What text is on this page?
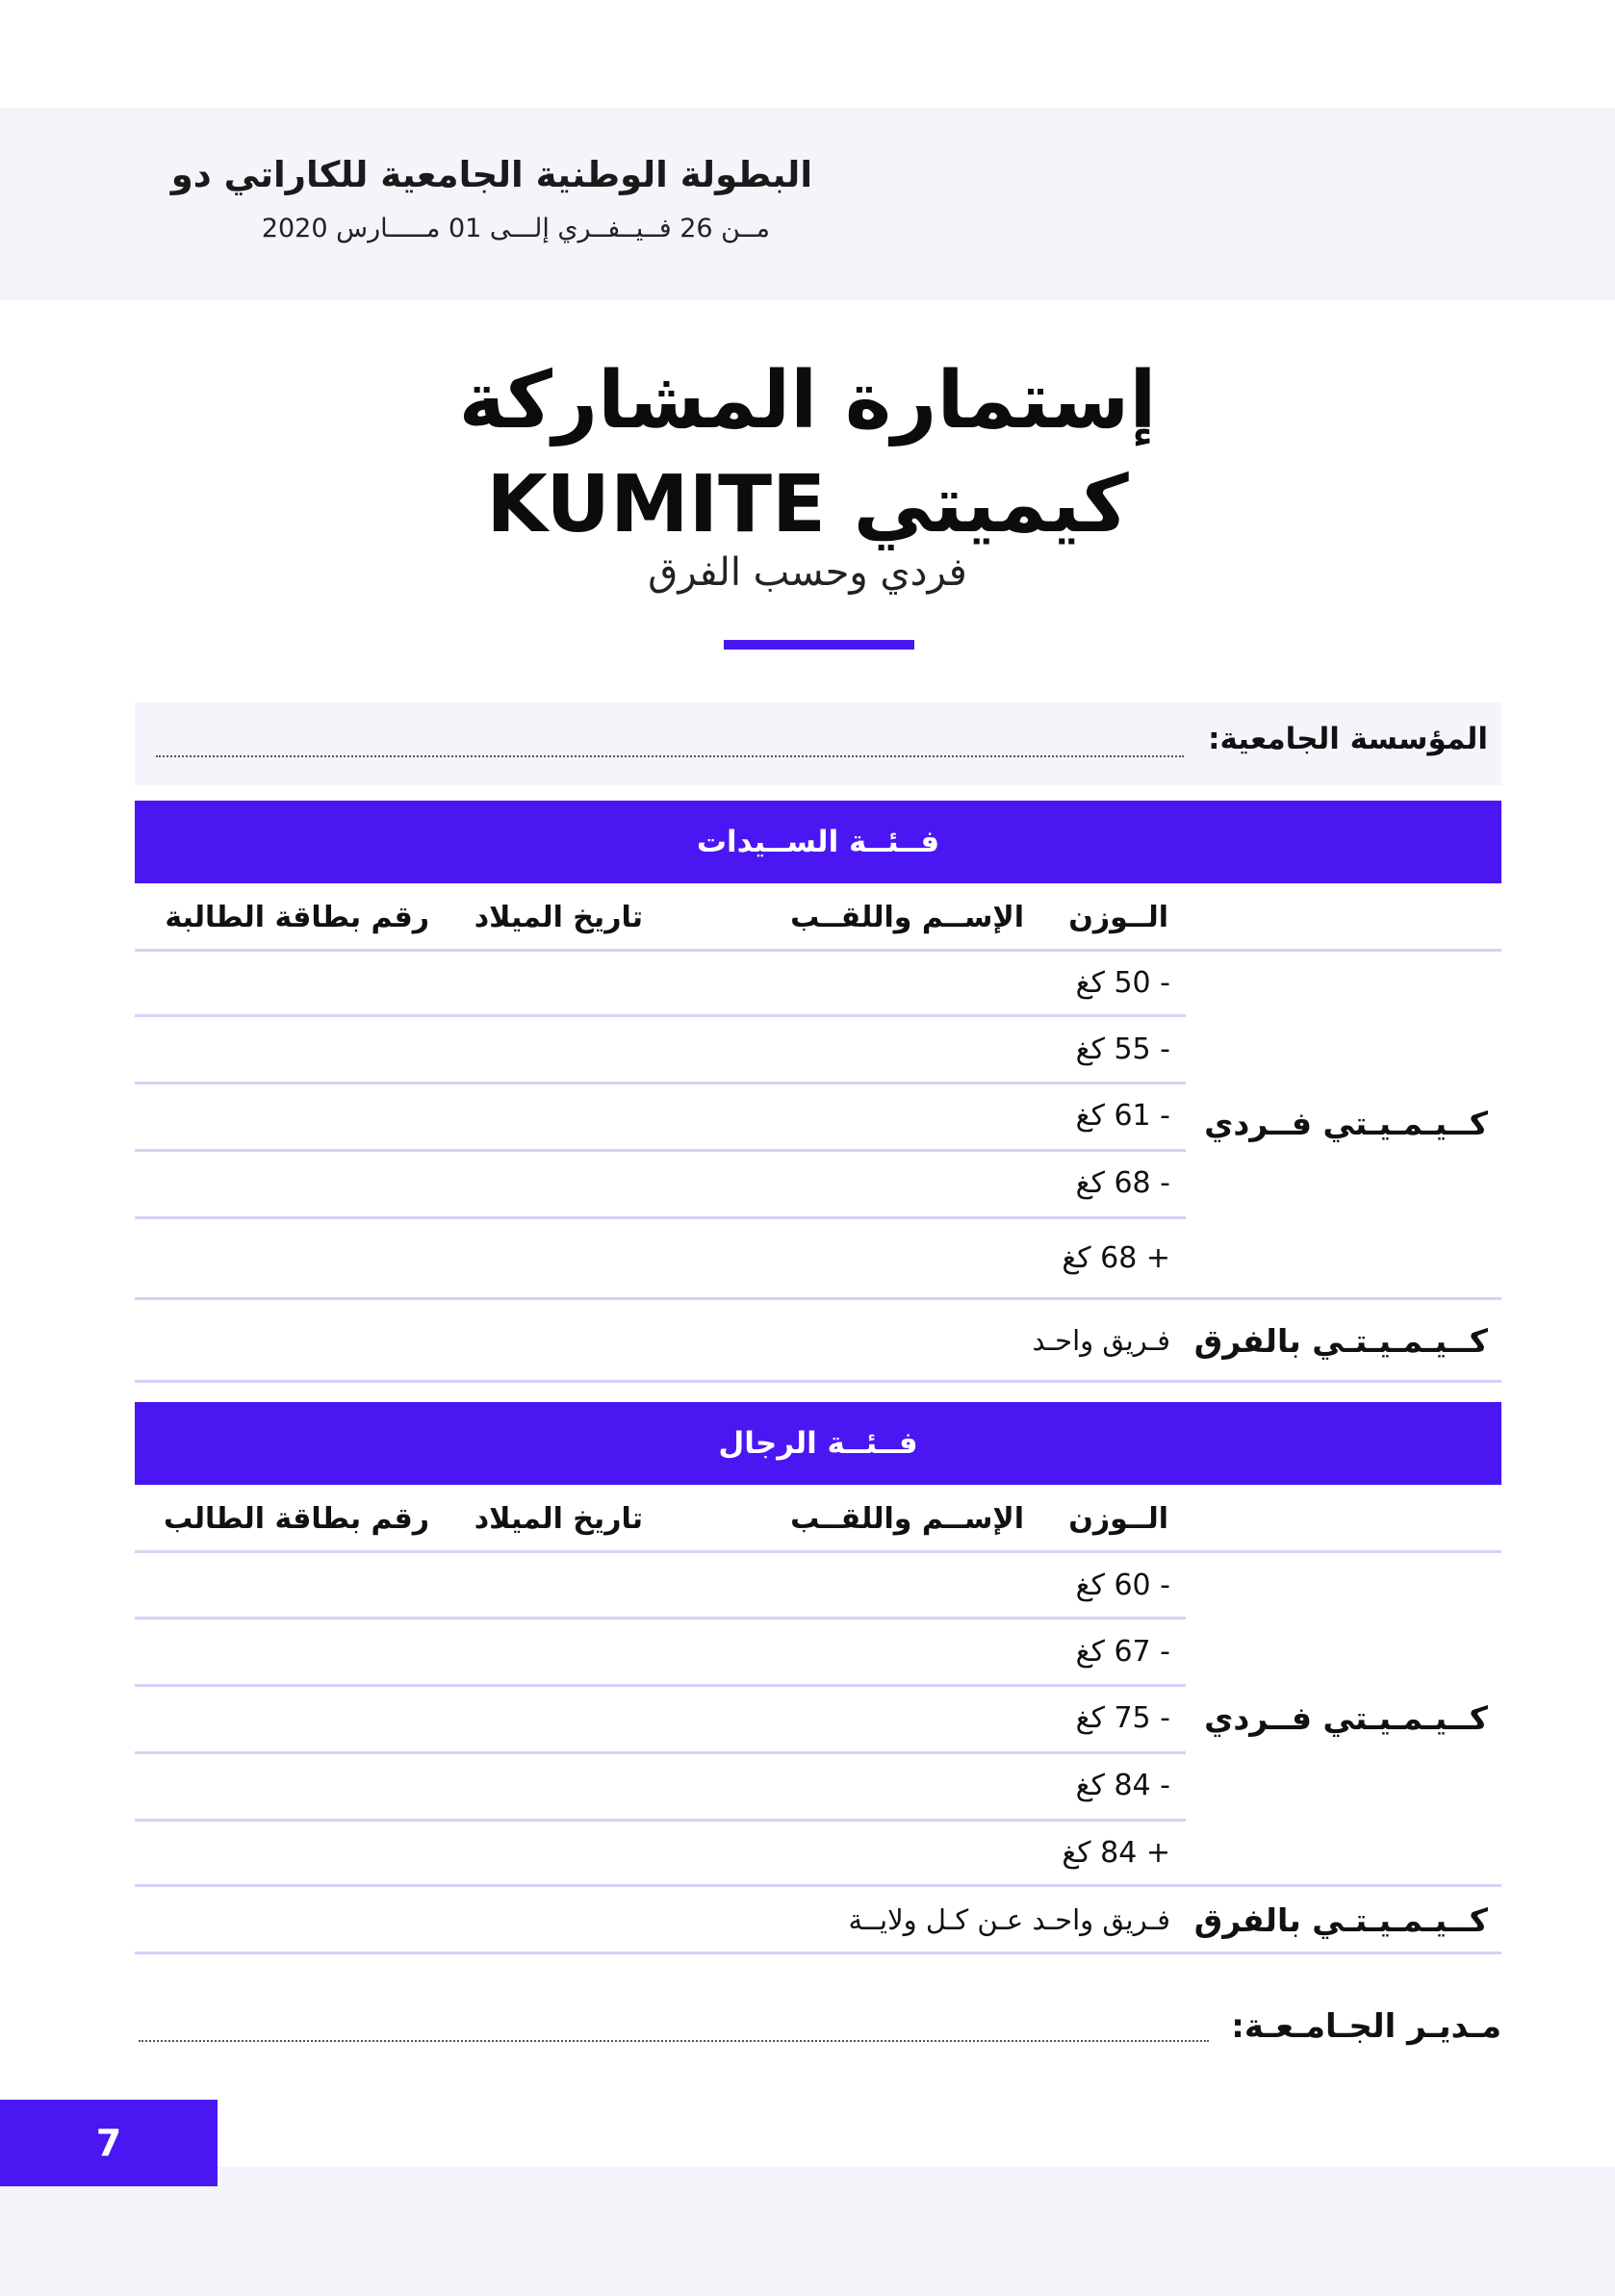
البطولة الوطنية الجامعية للكاراتي دو
مــن 26 فــيــفــري إلـــى 01 مـــــارس 2020
إستمارة المشاركة
كيميتي KUMITE
فردي وحسب الفرق
المؤسسة الجامعية:
فــئــة الســيدات
الــوزن
الإســم واللقــب
تاريخ الميلاد
رقم بطاقة الطالبة
- 50 كغ
- 55 كغ
- 61 كغ
- 68 كغ
+ 68 كغ
كــيـمـيـتي فــردي
كــيـمـيـتـي بالفرق
فـريق واحـد
فــئــة الرجال
الــوزن
الإســم واللقــب
تاريخ الميلاد
رقم بطاقة الطالب
- 60 كغ
- 67 كغ
- 75 كغ
- 84 كغ
+ 84 كغ
كــيـمـيـتي فــردي
كــيـمـيـتـي بالفرق
فـريق واحـد عـن كـل ولايــة
مـديـر الجـامـعـة:
7
